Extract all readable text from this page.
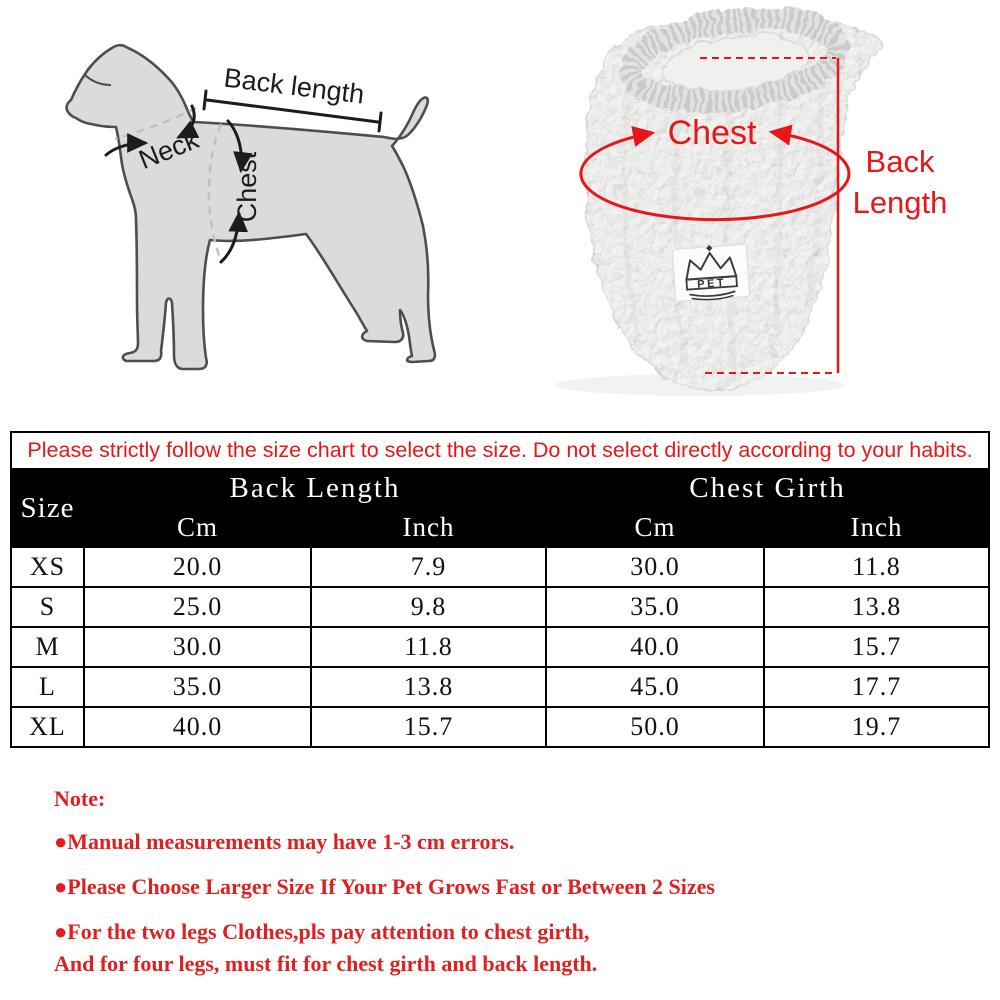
Back length
Neck
Chest
PET
Chest
Back
Length
Please strictly follow the size chart to select the size. Do not select directly according to your habits.				
Size	Back Length		Chest Girth	
	Cm	Inch	Cm	Inch
XS	20.0	7.9	30.0	11.8
S	25.0	9.8	35.0	13.8
M	30.0	11.8	40.0	15.7
L	35.0	13.8	45.0	17.7
XL	40.0	15.7	50.0	19.7
Note:
●Manual measurements may have 1-3 cm errors.
●Please Choose Larger Size If Your Pet Grows Fast or Between 2 Sizes
●For the two legs Clothes,pls pay attention to chest girth,
And for four legs, must fit for chest girth and back length.
